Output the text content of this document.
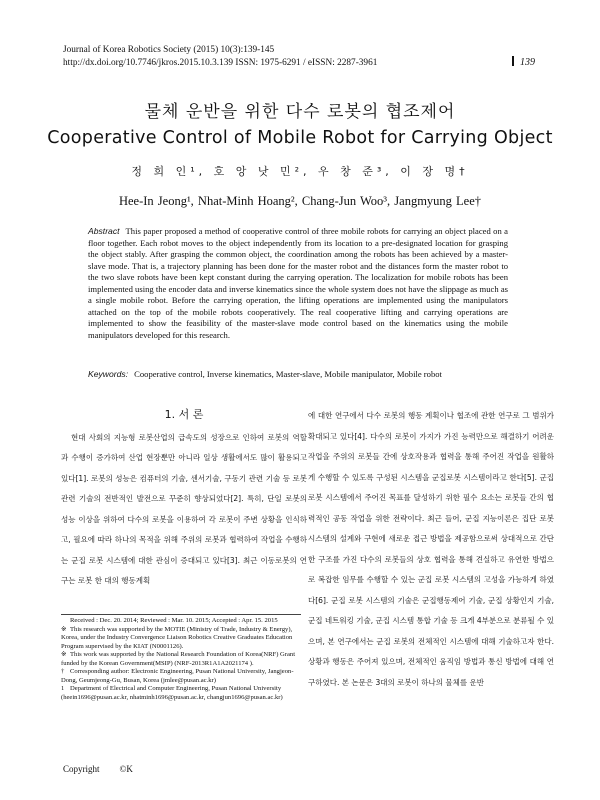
Journal of Korea Robotics Society (2015) 10(3):139-145
http://dx.doi.org/10.7746/jkros.2015.10.3.139 ISSN: 1975-6291 / eISSN: 2287-3961	139
물체 운반을 위한 다수 로봇의 협조제어
Cooperative Control of Mobile Robot for Carrying Object
정 희 인¹, 호 앙 낫 민², 우 창 준³, 이 장 명†
Hee-In Jeong¹, Nhat-Minh Hoang², Chang-Jun Woo³, Jangmyung Lee†
Abstract This paper proposed a method of cooperative control of three mobile robots for carrying an object placed on a floor together. Each robot moves to the object independently from its location to a pre-designated location for grasping the object stably. After grasping the common object, the coordination among the robots has been achieved by a master-slave mode. That is, a trajectory planning has been done for the master robot and the distances form the master robot to the two slave robots have been kept constant during the carrying operation. The localization for mobile robots has been implemented using the encoder data and inverse kinematics since the whole system does not have the slippage as much as a single mobile robot. Before the carrying operation, the lifting operations are implemented using the manipulators attached on the top of the mobile robots cooperatively. The real cooperative lifting and carrying operations are implemented to show the feasibility of the master-slave mode control based on the kinematics using the mobile manipulators developed for this research.
Keywords: Cooperative control, Inverse kinematics, Master-slave, Mobile manipulator, Mobile robot
1. 서 론

현대 사회의 지능형 로봇산업의 급속도의 성장으로 인하여 로봇의 역할과 수행이 증가하여 산업 현장뿐만 아니라 일상 생활에서도 많이 활용되고 있다[1]. 로봇의 성능은 컴퓨터의 기술, 센서기술, 구동기 관련 기술 등 로봇관련 기술의 전반적인 발전으로 꾸준히 향상되었다[2]. 특히, 단일 로봇의 성능 이상을 위하여 다수의 로봇을 이용하여 각 로봇이 주변 상황을 인식하고, 필요에 따라 하나의 목적을 위해 주위의 로봇과 협력하여 작업을 수행하는 군집 로봇 시스템에 대한 관심이 증대되고 있다[3]. 최근 이동로봇의 연구는 로봇 한 대의 행동계획

에 대한 연구에서 다수 로봇의 행동 계획이나 협조에 관한 연구로 그 범위가 확대되고 있다[4]. 다수의 로봇이 가지가 가진 능력만으로 해결하기 어려운 작업을 주위의 로봇들 간에 상호작용과 협력을 통해 주어진 작업을 원활하게 수행할 수 있도록 구성된 시스템을 군집로봇 시스템이라고 한다[5]. 군집 로봇 시스템에서 주어진 목표를 달성하기 위한 필수 요소는 로봇들 간의 협력적인 공동 작업을 위한 전략이다. 최근 들어, 군집 지능이론은 집단 로봇 시스템의 설계와 구현에 새로운 접근 방법을 제공함으로써 상대적으로 간단한 구조를 가진 다수의 로봇들의 상호 협력을 통해 견실하고 유연한 방법으로 복잡한 임무를 수행할 수 있는 군집 로봇 시스템의 고성을 가능하게 하였다[6]. 군집 로봇 시스템의 기술은 군집행동제어 기술, 군집 상황인지 기술, 군집 네트워킹 기술, 군집 시스템 통합 기술 등 크게 4부분으로 분류될 수 있으며, 본 연구에서는 군집 로봇의 전체적인 시스템에 대해 기술하고자 한다. 상황과 행동은 주어져 있으며, 전체적인 움직임 방법과 통신 방법에 대해 연구하였다. 본 논문은 3대의 로봇이 하나의 물체를 운반

Received : Dec. 20. 2014; Reviewed : Mar. 10. 2015; Accepted : Apr. 15. 2015

※ This research was supported by the MOTIE (Ministry of Trade, Industry & Energy), Korea, under the Industry Convergence Liaison Robotics Creative Graduates Education Program supervised by the KIAT (N0001126).

※ This work was supported by the National Research Foundation of Korea(NRF) Grant funded by the Korean Government(MSIP) (NRF-2013R1A1A2021174 ).

† Corresponding author: Electronic Engineering, Pusan National University, Jangjeon-Dong, Geumjeong-Gu, Busan, Korea (jmlee@pusan.ac.kr)

1 Department of Electrical and Computer Engineering, Pusan National University (heein1696@pusan.ac.kr, nhatminh1696@pusan.ac.kr, changjun1696@pusan.ac.kr)

Copyright ©K
